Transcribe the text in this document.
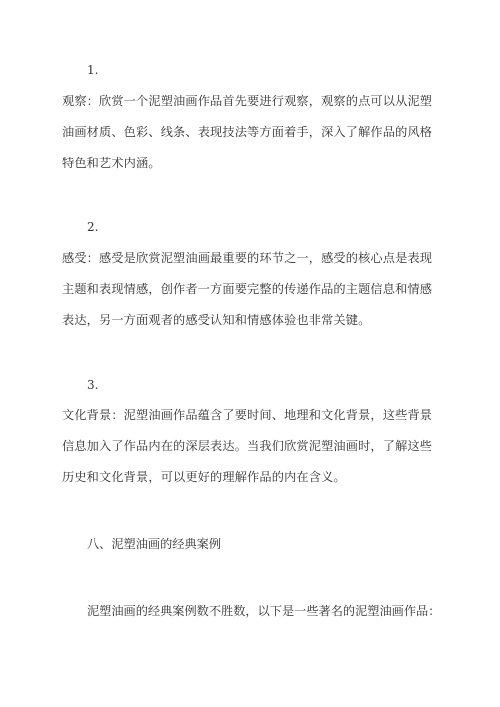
1.

观察：欣赏一个泥塑油画作品首先要进行观察，观察的点可以从泥塑油画材质、色彩、线条、表现技法等方面着手，深入了解作品的风格特色和艺术内涵。

2.

感受：感受是欣赏泥塑油画最重要的环节之一，感受的核心点是表现主题和表现情感，创作者一方面要完整的传递作品的主题信息和情感表达，另一方面观者的感受认知和情感体验也非常关键。

3.

文化背景：泥塑油画作品蕴含了要时间、地理和文化背景，这些背景信息加入了作品内在的深层表达。当我们欣赏泥塑油画时，了解这些历史和文化背景，可以更好的理解作品的内在含义。

八、泥塑油画的经典案例

泥塑油画的经典案例数不胜数，以下是一些著名的泥塑油画作品：
